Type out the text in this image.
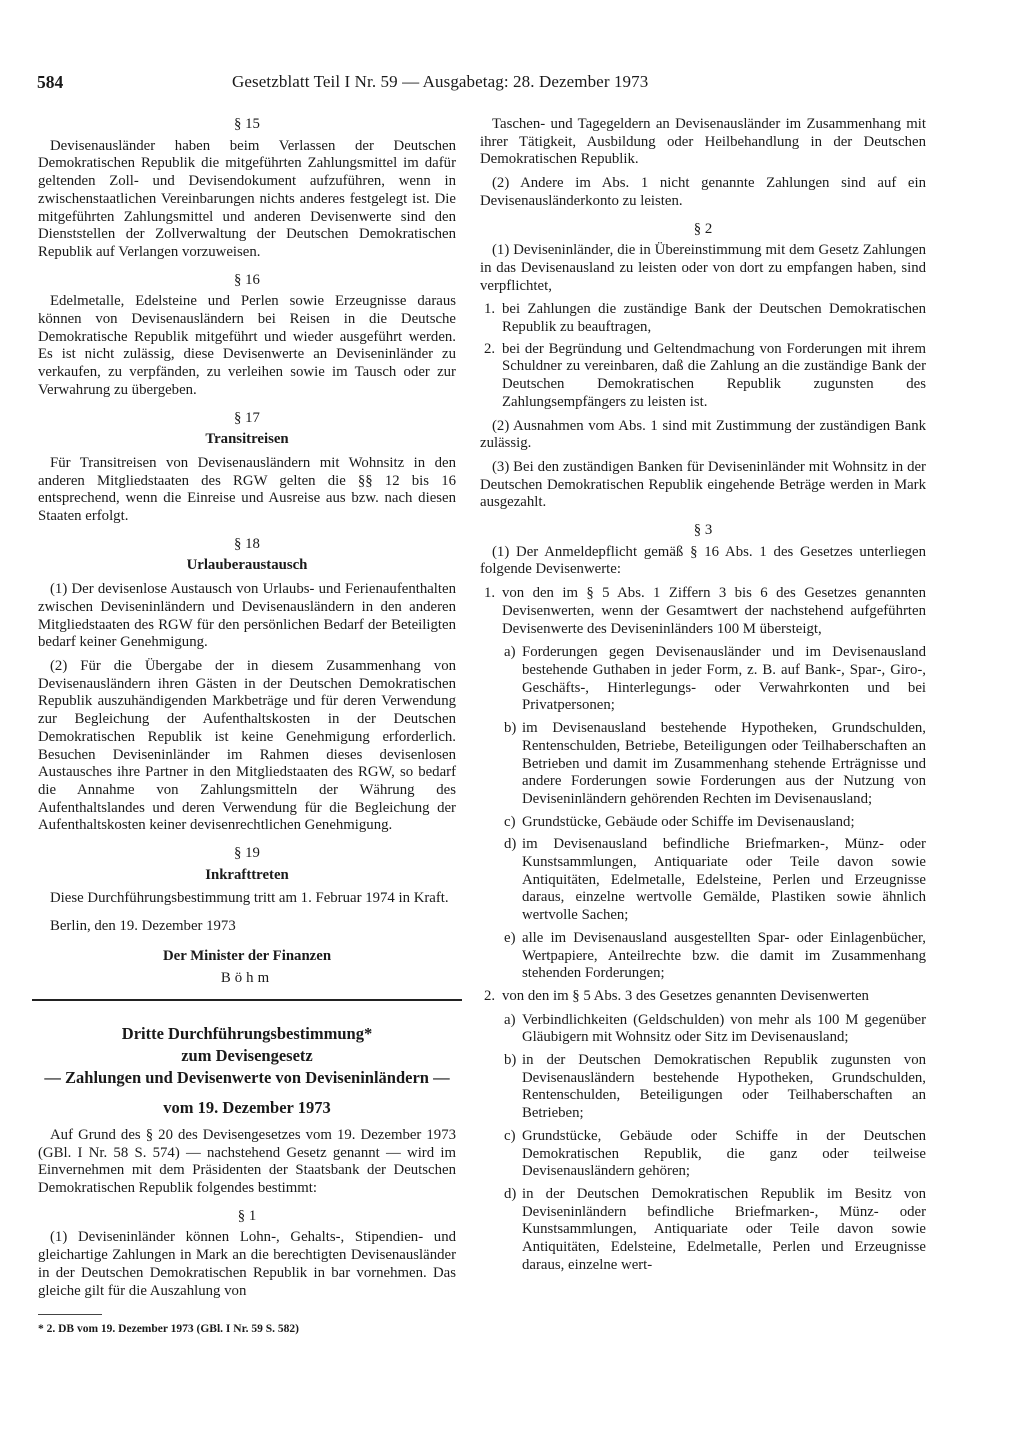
584	Gesetzblatt Teil I Nr. 59 — Ausgabetag: 28. Dezember 1973
§ 15

Devisenausländer haben beim Verlassen der Deutschen Demokratischen Republik die mitgeführten Zahlungsmittel im dafür geltenden Zoll- und Devisendokument aufzuführen, wenn in zwischenstaatlichen Vereinbarungen nichts anderes festgelegt ist. Die mitgeführten Zahlungsmittel und anderen Devisenwerte sind den Dienststellen der Zollverwaltung der Deutschen Demokratischen Republik auf Verlangen vorzuweisen.

§ 16

Edelmetalle, Edelsteine und Perlen sowie Erzeugnisse daraus können von Devisenausländern bei Reisen in die Deutsche Demokratische Republik mitgeführt und wieder ausgeführt werden. Es ist nicht zulässig, diese Devisenwerte an Deviseninländer zu verkaufen, zu verpfänden, zu verleihen sowie im Tausch oder zur Verwahrung zu übergeben.

§ 17
Transitreisen

Für Transitreisen von Devisenausländern mit Wohnsitz in den anderen Mitgliedstaaten des RGW gelten die §§ 12 bis 16 entsprechend, wenn die Einreise und Ausreise aus bzw. nach diesen Staaten erfolgt.

§ 18
Urlauberaustausch

(1) Der devisenlose Austausch von Urlaubs- und Ferienaufenthalten zwischen Deviseninländern und Devisenausländern in den anderen Mitgliedstaaten des RGW für den persönlichen Bedarf der Beteiligten bedarf keiner Genehmigung.

(2) Für die Übergabe der in diesem Zusammenhang von Devisenausländern ihren Gästen in der Deutschen Demokratischen Republik auszuhändigenden Markbeträge und für deren Verwendung zur Begleichung der Aufenthaltskosten in der Deutschen Demokratischen Republik ist keine Genehmigung erforderlich. Besuchen Deviseninländer im Rahmen dieses devisenlosen Austausches ihre Partner in den Mitgliedstaaten des RGW, so bedarf die Annahme von Zahlungsmitteln der Währung des Aufenthaltslandes und deren Verwendung für die Begleichung der Aufenthaltskosten keiner devisenrechtlichen Genehmigung.

§ 19
Inkrafttreten

Diese Durchführungsbestimmung tritt am 1. Februar 1974 in Kraft.

Berlin, den 19. Dezember 1973
Der Minister der Finanzen
Böhm
Dritte Durchführungsbestimmung*
zum Devisengesetz
— Zahlungen und Devisenwerte von Deviseninländern —
vom 19. Dezember 1973

Auf Grund des § 20 des Devisengesetzes vom 19. Dezember 1973 (GBl. I Nr. 58 S. 574) — nachstehend Gesetz genannt — wird im Einvernehmen mit dem Präsidenten der Staatsbank der Deutschen Demokratischen Republik folgendes bestimmt:

§ 1

(1) Deviseninländer können Lohn-, Gehalts-, Stipendien- und gleichartige Zahlungen in Mark an die berechtigten Devisenausländer in der Deutschen Demokratischen Republik in bar vornehmen. Das gleiche gilt für die Auszahlung von

* 2. DB vom 19. Dezember 1973 (GBl. I Nr. 59 S. 582)

Taschen- und Tagegeldern an Devisenausländer im Zusammenhang mit ihrer Tätigkeit, Ausbildung oder Heilbehandlung in der Deutschen Demokratischen Republik.

(2) Andere im Abs. 1 nicht genannte Zahlungen sind auf ein Devisenausländerkonto zu leisten.

§ 2

(1) Deviseninländer, die in Übereinstimmung mit dem Gesetz Zahlungen in das Devisenausland zu leisten oder von dort zu empfangen haben, sind verpflichtet,

1. bei Zahlungen die zuständige Bank der Deutschen Demokratischen Republik zu beauftragen,
2. bei der Begründung und Geltendmachung von Forderungen mit ihrem Schuldner zu vereinbaren, daß die Zahlung an die zuständige Bank der Deutschen Demokratischen Republik zugunsten des Zahlungsempfängers zu leisten ist.

(2) Ausnahmen vom Abs. 1 sind mit Zustimmung der zuständigen Bank zulässig.

(3) Bei den zuständigen Banken für Deviseninländer mit Wohnsitz in der Deutschen Demokratischen Republik eingehende Beträge werden in Mark ausgezahlt.

§ 3

(1) Der Anmeldepflicht gemäß § 16 Abs. 1 des Gesetzes unterliegen folgende Devisenwerte:

1. von den im § 5 Abs. 1 Ziffern 3 bis 6 des Gesetzes genannten Devisenwerten, wenn der Gesamtwert der nachstehend aufgeführten Devisenwerte des Deviseninländers 100 M übersteigt,
a) Forderungen gegen Devisenausländer und im Devisenausland bestehende Guthaben in jeder Form, z. B. auf Bank-, Spar-, Giro-, Geschäfts-, Hinterlegungs- oder Verwahrkonten und bei Privatpersonen;
b) im Devisenausland bestehende Hypotheken, Grundschulden, Rentenschulden, Betriebe, Beteiligungen oder Teilhaberschaften an Betrieben und damit im Zusammenhang stehende Erträgnisse und andere Forderungen sowie Forderungen aus der Nutzung von Deviseninländern gehörenden Rechten im Devisenausland;
c) Grundstücke, Gebäude oder Schiffe im Devisenausland;
d) im Devisenausland befindliche Briefmarken-, Münz- oder Kunstsammlungen, Antiquariate oder Teile davon sowie Antiquitäten, Edelmetalle, Edelsteine, Perlen und Erzeugnisse daraus, einzelne wertvolle Gemälde, Plastiken sowie ähnlich wertvolle Sachen;
e) alle im Devisenausland ausgestellten Spar- oder Einlagenbücher, Wertpapiere, Anteilrechte bzw. die damit im Zusammenhang stehenden Forderungen;
2. von den im § 5 Abs. 3 des Gesetzes genannten Devisenwerten
a) Verbindlichkeiten (Geldschulden) von mehr als 100 M gegenüber Gläubigern mit Wohnsitz oder Sitz im Devisenausland;
b) in der Deutschen Demokratischen Republik zugunsten von Devisenausländern bestehende Hypotheken, Grundschulden, Rentenschulden, Beteiligungen oder Teilhaberschaften an Betrieben;
c) Grundstücke, Gebäude oder Schiffe in der Deutschen Demokratischen Republik, die ganz oder teilweise Devisenausländern gehören;
d) in der Deutschen Demokratischen Republik im Besitz von Deviseninländern befindliche Briefmarken-, Münz- oder Kunstsammlungen, Antiquariate oder Teile davon sowie Antiquitäten, Edelsteine, Edelmetalle, Perlen und Erzeugnisse daraus, einzelne wert-
